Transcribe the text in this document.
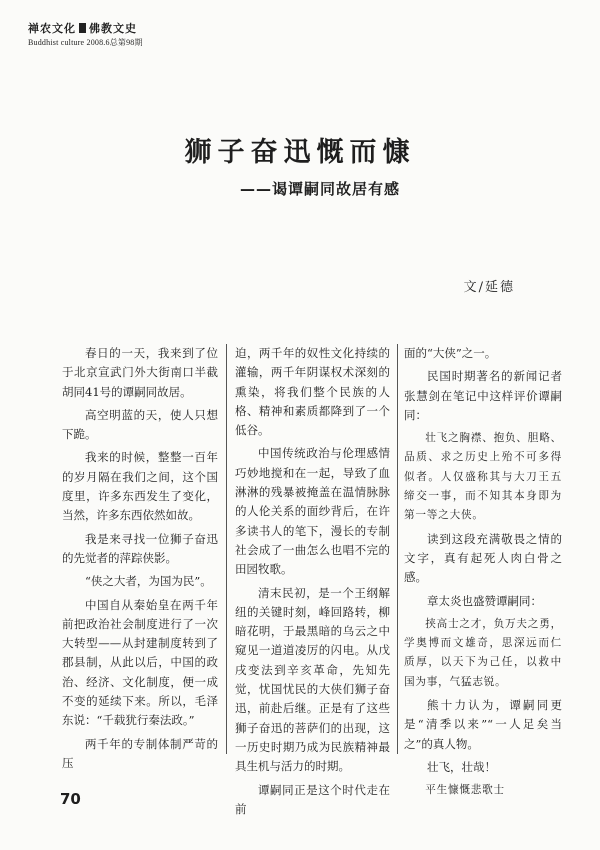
禅农文化 佛教文史
Buddhist culture 2008.6总第98期
狮子奋迅慨而慷
——谒谭嗣同故居有感
文/延德

春日的一天，我来到了位于北京宣武门外大街南口半截胡同41号的谭嗣同故居。

高空明蓝的天，使人只想下跪。

我来的时候，整整一百年的岁月隔在我们之间，这个国度里，许多东西发生了变化，当然，许多东西依然如故。

我是来寻找一位狮子奋迅的先觉者的萍踪侠影。

“侠之大者，为国为民”。

中国自从秦始皇在两千年前把政治社会制度进行了一次大转型——从封建制度转到了郡县制，从此以后，中国的政治、经济、文化制度，便一成不变的延续下来。所以，毛泽东说：“千载犹行秦法政。”

两千年的专制体制严苛的压

迫，两千年的奴性文化持续的灌输，两千年阴谋权术深刻的熏染，将我们整个民族的人格、精神和素质都降到了一个低谷。

中国传统政治与伦理感情巧妙地搅和在一起，导致了血淋淋的残暴被掩盖在温情脉脉的人伦关系的面纱背后，在许多读书人的笔下，漫长的专制社会成了一曲怎么也唱不完的田园牧歌。

清末民初，是一个王纲解纽的关键时刻，峰回路转，柳暗花明，于最黑暗的乌云之中窥见一道道凌厉的闪电。从戊戌变法到辛亥革命，先知先觉，忧国忧民的大侠们狮子奋迅，前赴后继。正是有了这些狮子奋迅的菩萨们的出现，这一历史时期乃成为民族精神最具生机与活力的时期。

谭嗣同正是这个时代走在前

面的“大侠”之一。

民国时期著名的新闻记者张慧剑在笔记中这样评价谭嗣同：

壮飞之胸襟、抱负、胆略、品质、求之历史上殆不可多得似者。人仅盛称其与大刀王五缔交一事，而不知其本身即为第一等之大侠。

读到这段充满敬畏之情的文字，真有起死人肉白骨之感。

章太炎也盛赞谭嗣同：

挟高士之才，负万夫之勇，学奥博而文雄奇，思深远而仁质厚，以天下为己任，以救中国为事，气猛志锐。

熊十力认为，谭嗣同更是“清季以来”“一人足矣当之”的真人物。

壮飞，壮哉！

平生慷慨悲歌士

70
